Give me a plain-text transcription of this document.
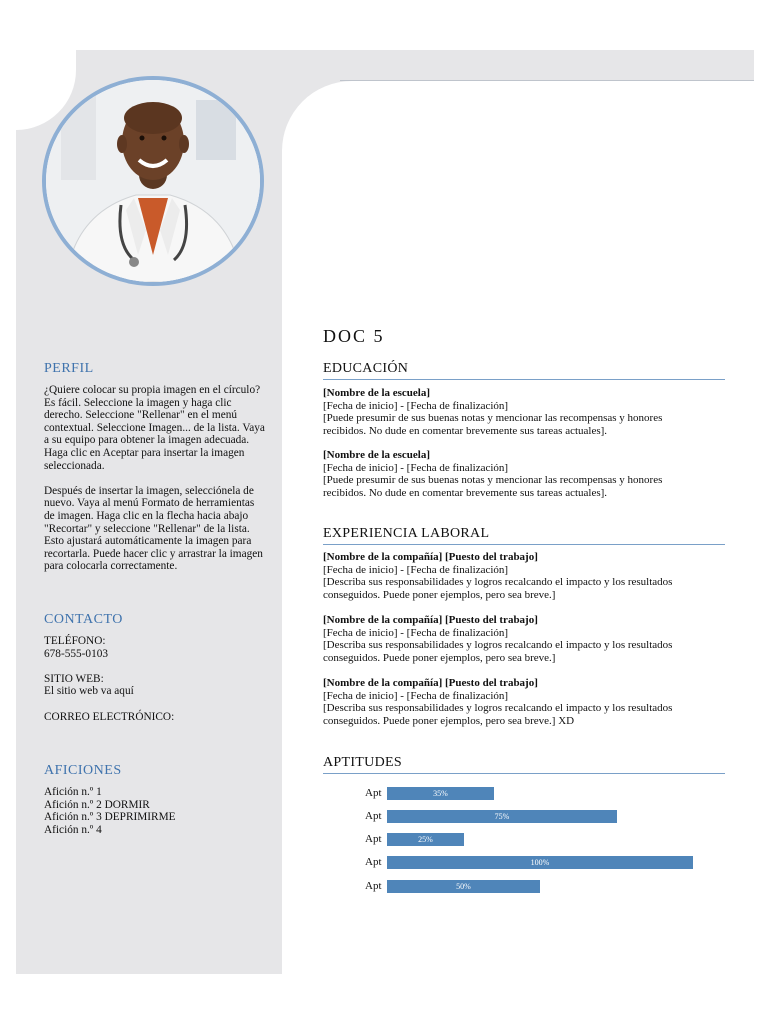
PERFIL

¿Quiere colocar su propia imagen en el círculo? Es fácil. Seleccione la imagen y haga clic derecho. Seleccione "Rellenar" en el menú contextual. Seleccione Imagen... de la lista. Vaya a su equipo para obtener la imagen adecuada. Haga clic en Aceptar para insertar la imagen seleccionada.

Después de insertar la imagen, selecciónela de nuevo. Vaya al menú Formato de herramientas de imagen. Haga clic en la flecha hacia abajo "Recortar" y seleccione "Rellenar" de la lista. Esto ajustará automáticamente la imagen para recortarla. Puede hacer clic y arrastrar la imagen para colocarla correctamente.

CONTACTO
TELÉFONO:
678-555-0103
SITIO WEB:
El sitio web va aquí
CORREO ELECTRÓNICO:
AFICIONES
Afición n.º 1
Afición n.º 2 DORMIR
Afición n.º 3 DEPRIMIRME
Afición n.º 4
DOC 5
EDUCACIÓN
[Nombre de la escuela]
[Fecha de inicio] - [Fecha de finalización]
[Puede presumir de sus buenas notas y mencionar las recompensas y honores
recibidos. No dude en comentar brevemente sus tareas actuales].
[Nombre de la escuela]
[Fecha de inicio] - [Fecha de finalización]
[Puede presumir de sus buenas notas y mencionar las recompensas y honores
recibidos. No dude en comentar brevemente sus tareas actuales].
EXPERIENCIA LABORAL
[Nombre de la compañía] [Puesto del trabajo]
[Fecha de inicio] - [Fecha de finalización]
[Describa sus responsabilidades y logros recalcando el impacto y los resultados
conseguidos. Puede poner ejemplos, pero sea breve.]
[Nombre de la compañía] [Puesto del trabajo]
[Fecha de inicio] - [Fecha de finalización]
[Describa sus responsabilidades y logros recalcando el impacto y los resultados
conseguidos. Puede poner ejemplos, pero sea breve.]
[Nombre de la compañía] [Puesto del trabajo]
[Fecha de inicio] - [Fecha de finalización]
[Describa sus responsabilidades y logros recalcando el impacto y los resultados
conseguidos. Puede poner ejemplos, pero sea breve.] XD
APTITUDES
Apt	35%
Apt	75%
Apt	25%
Apt	100%
Apt	50%
